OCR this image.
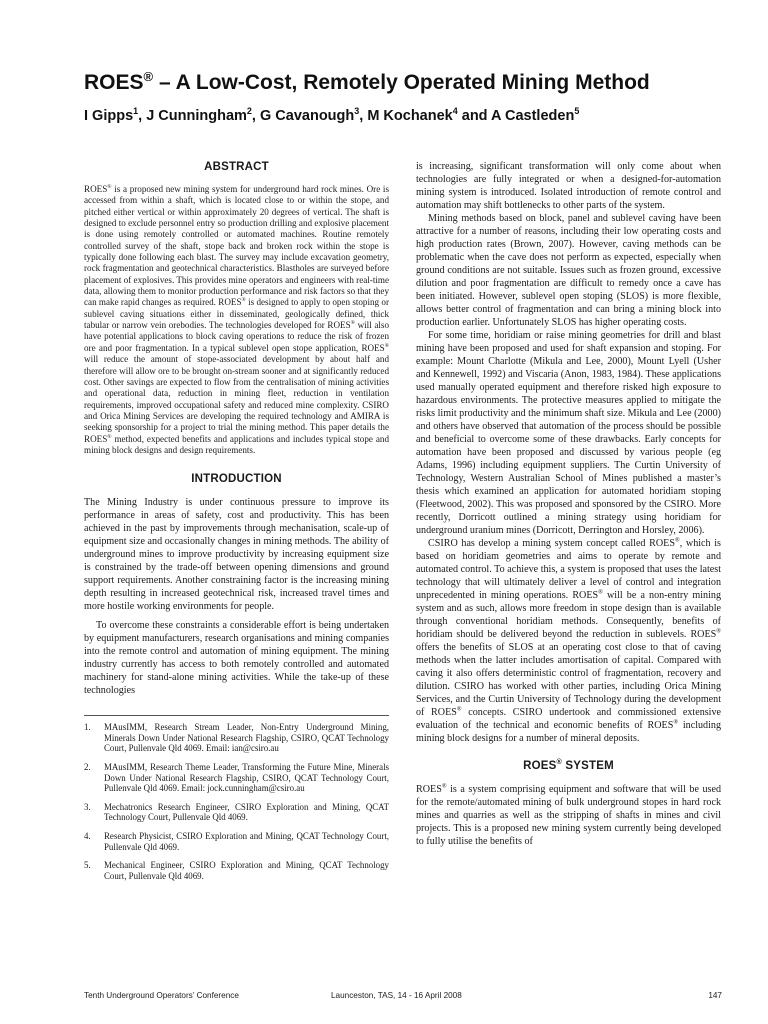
ROES® – A Low-Cost, Remotely Operated Mining Method
I Gipps$^1$, J Cunningham$^2$, G Cavanough$^3$, M Kochanek$^4$ and A Castleden$^5$
ABSTRACT

ROES® is a proposed new mining system for underground hard rock mines. Ore is accessed from within a shaft, which is located close to or within the stope, and pitched either vertical or within approximately 20 degrees of vertical. The shaft is designed to exclude personnel entry so production drilling and explosive placement is done using remotely controlled or automated machines. Routine remotely controlled survey of the shaft, stope back and broken rock within the stope is typically done following each blast. The survey may include excavation geometry, rock fragmentation and geotechnical characteristics. Blastholes are surveyed before placement of explosives. This provides mine operators and engineers with real-time data, allowing them to monitor production performance and risk factors so that they can make rapid changes as required. ROES® is designed to apply to open stoping or sublevel caving situations either in disseminated, geologically defined, thick tabular or narrow vein orebodies. The technologies developed for ROES® will also have potential applications to block caving operations to reduce the risk of frozen ore and poor fragmentation. In a typical sublevel open stope application, ROES® will reduce the amount of stope-associated development by about half and therefore will allow ore to be brought on-stream sooner and at significantly reduced cost. Other savings are expected to flow from the centralisation of mining activities and operational data, reduction in mining fleet, reduction in ventilation requirements, improved occupational safety and reduced mine complexity. CSIRO and Orica Mining Services are developing the required technology and AMIRA is seeking sponsorship for a project to trial the mining method. This paper details the ROES® method, expected benefits and applications and includes typical stope and mining block designs and design requirements.

INTRODUCTION

The Mining Industry is under continuous pressure to improve its performance in areas of safety, cost and productivity. This has been achieved in the past by improvements through mechanisation, scale-up of equipment size and occasionally changes in mining methods. The ability of underground mines to improve productivity by increasing equipment size is constrained by the trade-off between opening dimensions and ground support requirements. Another constraining factor is the increasing mining depth resulting in increased geotechnical risk, increased travel times and more hostile working environments for people.

To overcome these constraints a considerable effort is being undertaken by equipment manufacturers, research organisations and mining companies into the remote control and automation of mining equipment. The mining industry currently has access to both remotely controlled and automated machinery for stand-alone mining activities. While the take-up of these technologies

1. MAusIMM, Research Stream Leader, Non-Entry Underground Mining, Minerals Down Under National Research Flagship, CSIRO, QCAT Technology Court, Pullenvale Qld 4069. Email: ian@csiro.au
2. MAusIMM, Research Theme Leader, Transforming the Future Mine, Minerals Down Under National Research Flagship, CSIRO, QCAT Technology Court, Pullenvale Qld 4069. Email: jock.cunningham@csiro.au
3. Mechatronics Research Engineer, CSIRO Exploration and Mining, QCAT Technology Court, Pullenvale Qld 4069.
4. Research Physicist, CSIRO Exploration and Mining, QCAT Technology Court, Pullenvale Qld 4069.
5. Mechanical Engineer, CSIRO Exploration and Mining, QCAT Technology Court, Pullenvale Qld 4069.

is increasing, significant transformation will only come about when technologies are fully integrated or when a designed-for-automation mining system is introduced. Isolated introduction of remote control and automation may shift bottlenecks to other parts of the system.

Mining methods based on block, panel and sublevel caving have been attractive for a number of reasons, including their low operating costs and high production rates (Brown, 2007). However, caving methods can be problematic when the cave does not perform as expected, especially when ground conditions are not suitable. Issues such as frozen ground, excessive dilution and poor fragmentation are difficult to remedy once a cave has been initiated. However, sublevel open stoping (SLOS) is more flexible, allows better control of fragmentation and can bring a mining block into production earlier. Unfortunately SLOS has higher operating costs.

For some time, horidiam or raise mining geometries for drill and blast mining have been proposed and used for shaft expansion and stoping. For example: Mount Charlotte (Mikula and Lee, 2000), Mount Lyell (Usher and Kennewell, 1992) and Viscaria (Anon, 1983, 1984). These applications used manually operated equipment and therefore risked high exposure to hazardous environments. The protective measures applied to mitigate the risks limit productivity and the minimum shaft size. Mikula and Lee (2000) and others have observed that automation of the process should be possible and beneficial to overcome some of these drawbacks. Early concepts for automation have been proposed and discussed by various people (eg Adams, 1996) including equipment suppliers. The Curtin University of Technology, Western Australian School of Mines published a master’s thesis which examined an application for automated horidiam stoping (Fleetwood, 2002). This was proposed and sponsored by the CSIRO. More recently, Dorricott outlined a mining strategy using horidiam for underground uranium mines (Dorricott, Derrington and Horsley, 2006).

CSIRO has develop a mining system concept called ROES®, which is based on horidiam geometries and aims to operate by remote and automated control. To achieve this, a system is proposed that uses the latest technology that will ultimately deliver a level of control and integration unprecedented in mining operations. ROES® will be a non-entry mining system and as such, allows more freedom in stope design than is available through conventional horidiam methods. Consequently, benefits of horidiam should be delivered beyond the reduction in sublevels. ROES® offers the benefits of SLOS at an operating cost close to that of caving methods when the latter includes amortisation of capital. Compared with caving it also offers deterministic control of fragmentation, recovery and dilution. CSIRO has worked with other parties, including Orica Mining Services, and the Curtin University of Technology during the development of ROES® concepts. CSIRO undertook and commissioned extensive evaluation of the technical and economic benefits of ROES® including mining block designs for a number of mineral deposits.

ROES® SYSTEM

ROES® is a system comprising equipment and software that will be used for the remote/automated mining of bulk underground stopes in hard rock mines and quarries as well as the stripping of shafts in mines and civil projects. This is a proposed new mining system currently being developed to fully utilise the benefits of

Tenth Underground Operators’ Conference	Launceston, TAS, 14 - 16 April 2008	147
